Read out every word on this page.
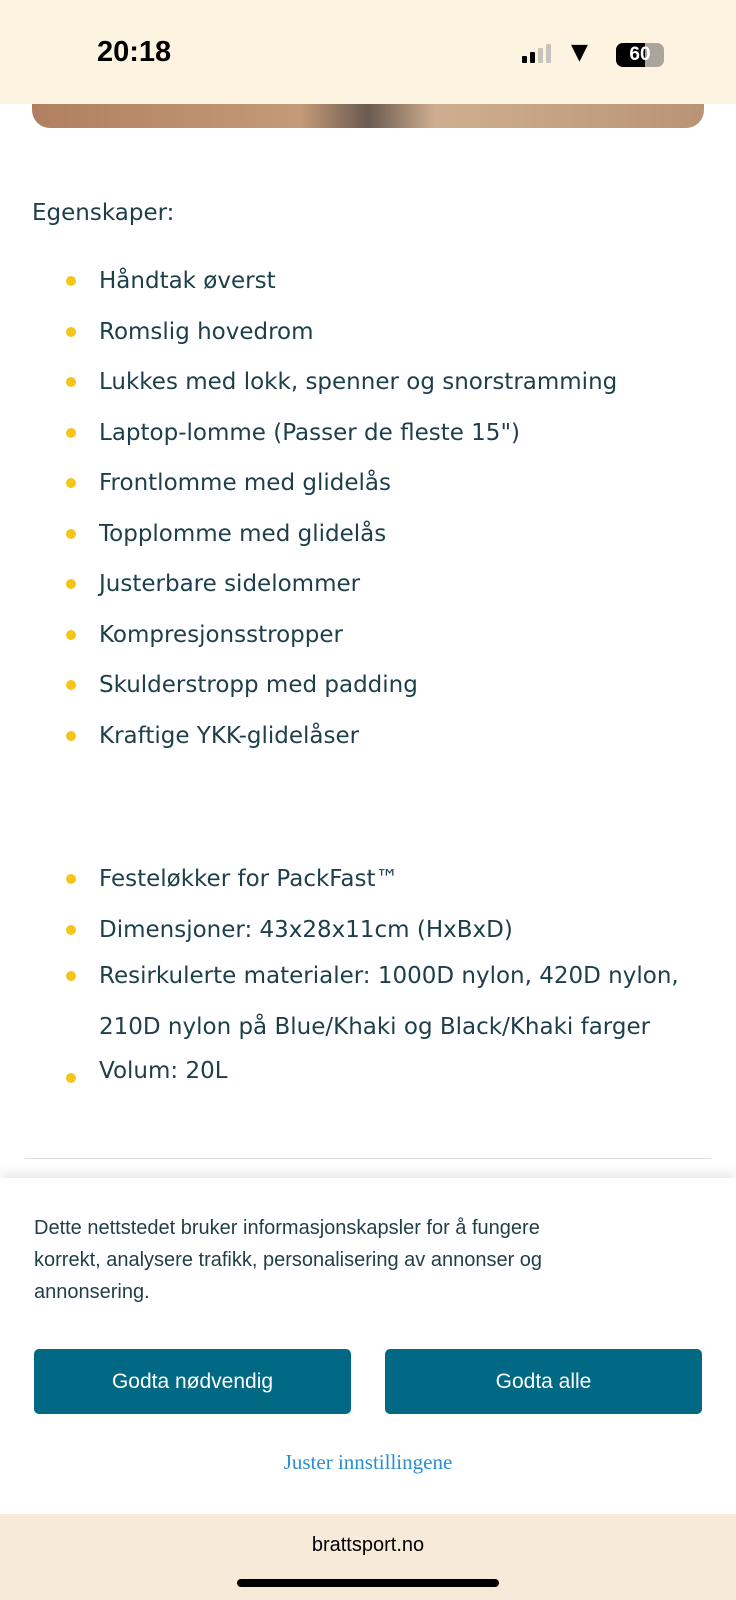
20:18	▼	60
Egenskaper:
Håndtak øverst
Romslig hovedrom
Lukkes med lokk, spenner og snorstramming
Laptop-lomme (Passer de fleste 15")
Frontlomme med glidelås
Topplomme med glidelås
Justerbare sidelommer
Kompresjonsstropper
Skulderstropp med padding
Kraftige YKK-glidelåser
Festeløkker for PackFast™
Dimensjoner: 43x28x11cm (HxBxD)
Resirkulerte materialer: 1000D nylon, 420D nylon, 210D nylon på Blue/Khaki og Black/Khaki farger
Volum: 20L

Dette nettstedet bruker informasjonskapsler for å fungere korrekt, analysere trafikk, personalisering av annonser og annonsering.

Godta nødvendig	Godta alle
Juster innstillingene
brattsport.no
